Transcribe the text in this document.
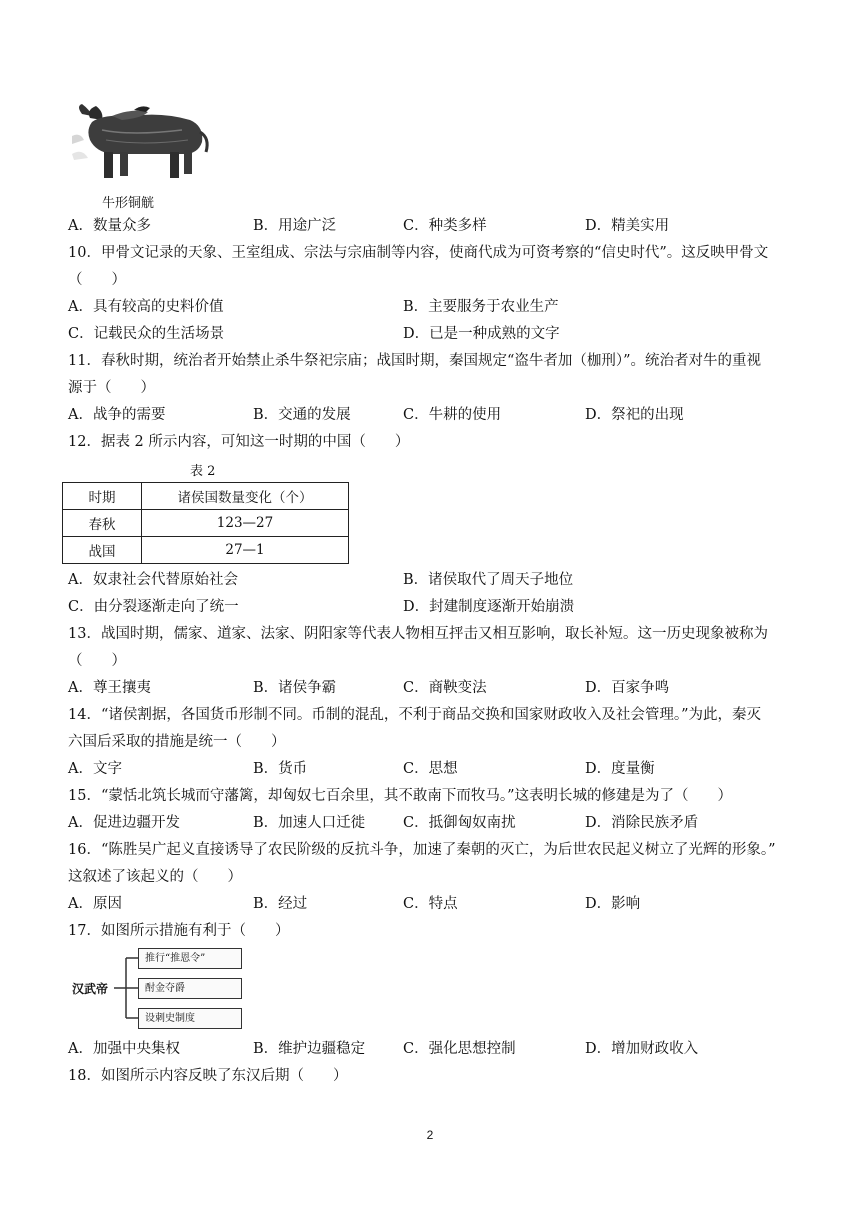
牛形铜觥
A．数量众多	B．用途广泛	C．种类多样	D．精美实用
10．甲骨文记录的天象、王室组成、宗法与宗庙制等内容，使商代成为可资考察的“信史时代”。这反映甲骨文
（　　）
A．具有较高的史料价值	B．主要服务于农业生产
C．记载民众的生活场景	D．已是一种成熟的文字
11．春秋时期，统治者开始禁止杀牛祭祀宗庙；战国时期，秦国规定“盗牛者加（枷刑）”。统治者对牛的重视
源于（　　）
A．战争的需要	B．交通的发展	C．牛耕的使用	D．祭祀的出现
12．据表 2 所示内容，可知这一时期的中国（　　）
表 2
时期	诸侯国数量变化（个）
春秋	123—27
战国	27—1
A．奴隶社会代替原始社会	B．诸侯取代了周天子地位
C．由分裂逐渐走向了统一	D．封建制度逐渐开始崩溃
13．战国时期，儒家、道家、法家、阴阳家等代表人物相互抨击又相互影响，取长补短。这一历史现象被称为
（　　）
A．尊王攘夷	B．诸侯争霸	C．商鞅变法	D．百家争鸣
14．“诸侯割据，各国货币形制不同。币制的混乱，不利于商品交换和国家财政收入及社会管理。”为此，秦灭
六国后采取的措施是统一（　　）
A．文字	B．货币	C．思想	D．度量衡
15．“蒙恬北筑长城而守藩篱，却匈奴七百余里，其不敢南下而牧马。”这表明长城的修建是为了（　　）
A．促进边疆开发	B．加速人口迁徙	C．抵御匈奴南扰	D．消除民族矛盾
16．“陈胜吴广起义直接诱导了农民阶级的反抗斗争，加速了秦朝的灭亡，为后世农民起义树立了光辉的形象。”
这叙述了该起义的（　　）
A．原因	B．经过	C．特点	D．影响
17．如图所示措施有利于（　　）
汉武帝
推行“推恩令”
酎金夺爵
设刺史制度
A．加强中央集权	B．维护边疆稳定	C．强化思想控制	D．增加财政收入
18．如图所示内容反映了东汉后期（　　）
2
